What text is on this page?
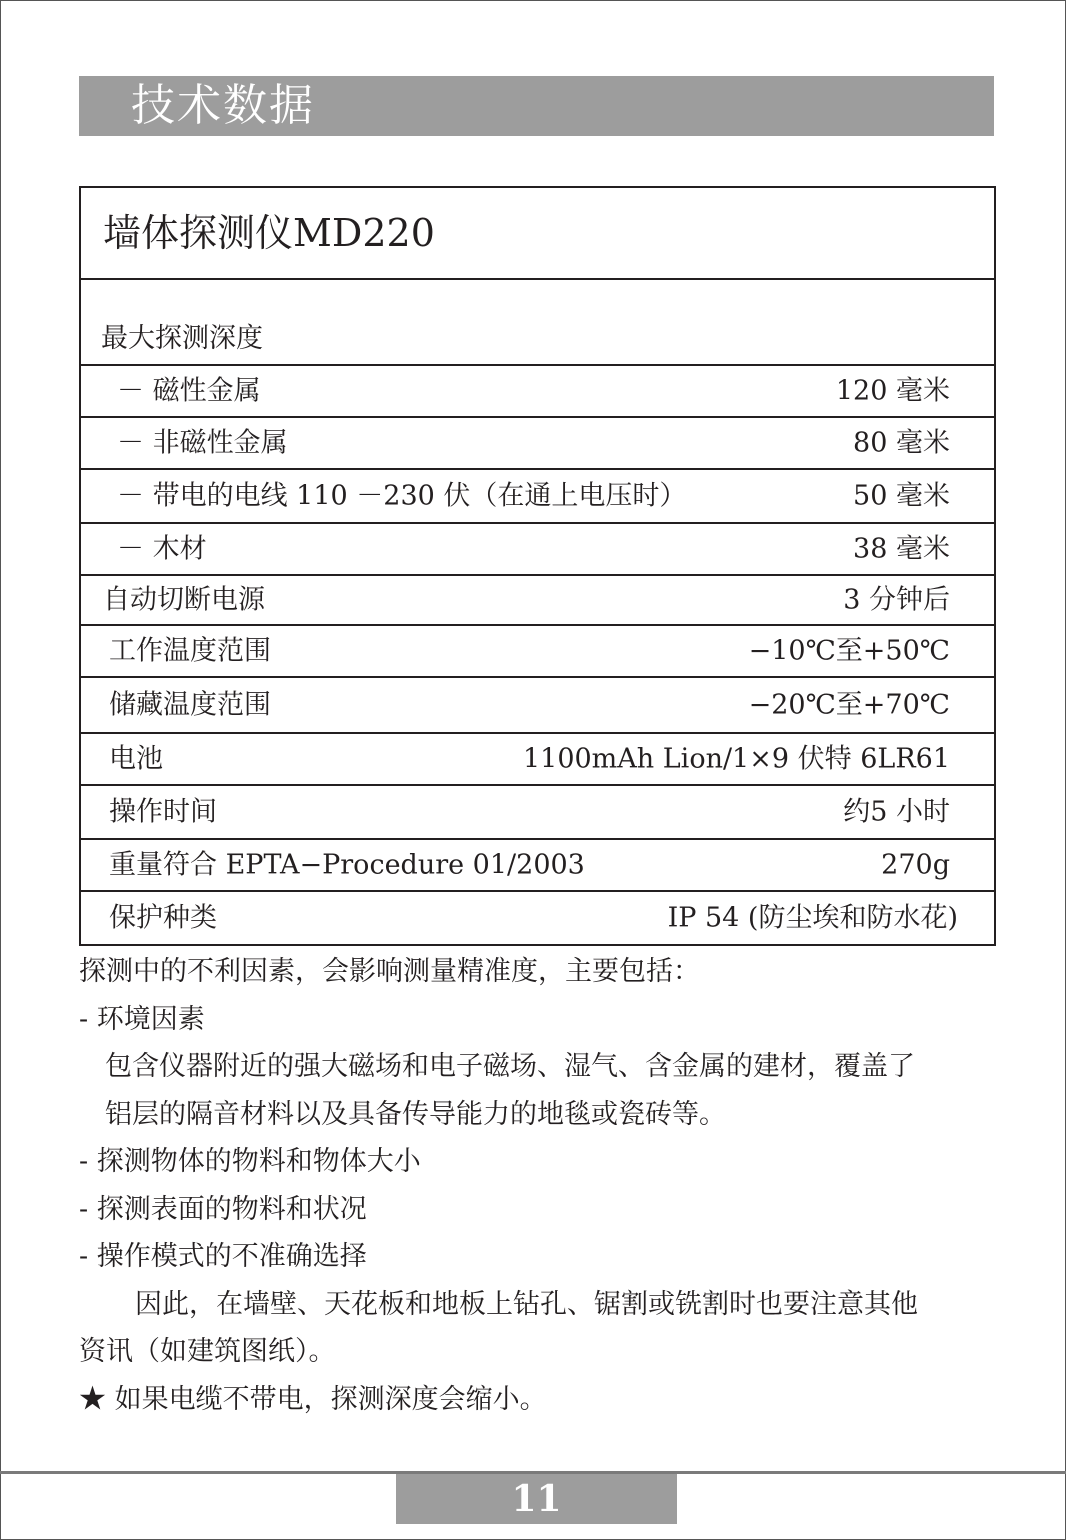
技术数据
墙体探测仪MD220
最大探测深度

－ 磁性金属	120 毫米

－ 非磁性金属	80 毫米

－ 带电的电线 110 －230 伏（在通上电压时）	50 毫米

－ 木材	38 毫米

自动切断电源	3 分钟后

工作温度范围	−10℃至+50℃

储藏温度范围	−20℃至+70℃

电池	1100mAh Lion/1×9 伏特 6LR61

操作时间	约5 小时

重量符合 EPTA−Procedure 01/2003	270g

保护种类	IP 54 (防尘埃和防水花)

探测中的不利因素，会影响测量精准度，主要包括：

- 环境因素

包含仪器附近的强大磁场和电子磁场、湿气、含金属的建材，覆盖了

铝层的隔音材料以及具备传导能力的地毯或瓷砖等。

- 探测物体的物料和物体大小

- 探测表面的物料和状况

- 操作模式的不准确选择

因此，在墙壁、天花板和地板上钻孔、锯割或铣割时也要注意其他

资讯（如建筑图纸）。

★ 如果电缆不带电，探测深度会缩小。

11
